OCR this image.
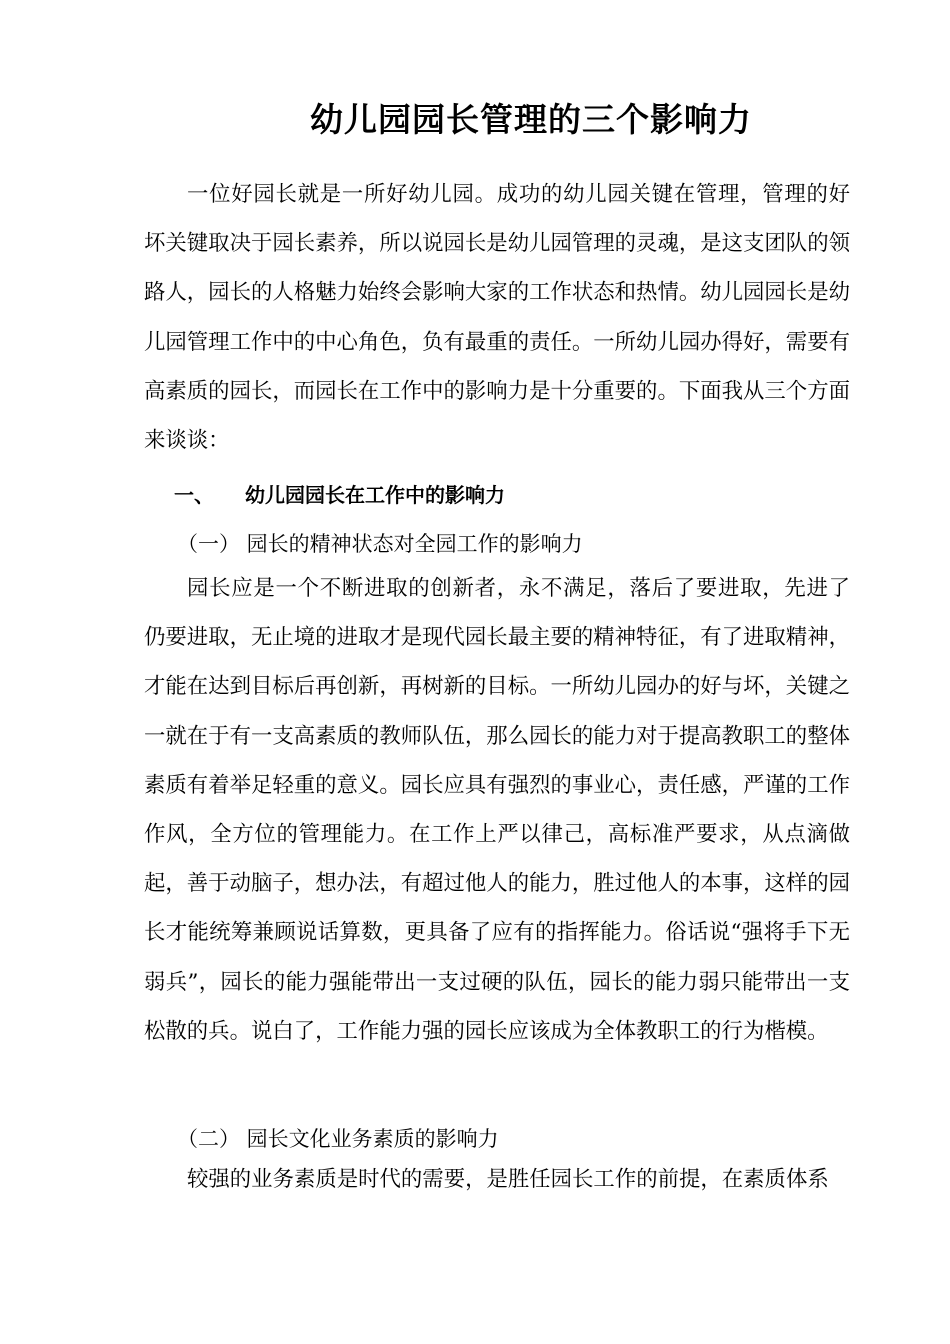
幼儿园园长管理的三个影响力
一位好园长就是一所好幼儿园。成功的幼儿园关键在管理，管理的好坏关键取决于园长素养，所以说园长是幼儿园管理的灵魂，是这支团队的领路人，园长的人格魅力始终会影响大家的工作状态和热情。幼儿园园长是幼儿园管理工作中的中心角色，负有最重的责任。一所幼儿园办得好，需要有高素质的园长，而园长在工作中的影响力是十分重要的。下面我从三个方面来谈谈：
一、 幼儿园园长在工作中的影响力
（一） 园长的精神状态对全园工作的影响力
园长应是一个不断进取的创新者，永不满足，落后了要进取，先进了仍要进取，无止境的进取才是现代园长最主要的精神特征，有了进取精神，才能在达到目标后再创新，再树新的目标。一所幼儿园办的好与坏，关键之一就在于有一支高素质的教师队伍，那么园长的能力对于提高教职工的整体素质有着举足轻重的意义。园长应具有强烈的事业心，责任感，严谨的工作作风，全方位的管理能力。在工作上严以律己，高标准严要求，从点滴做起，善于动脑子，想办法，有超过他人的能力，胜过他人的本事，这样的园长才能统筹兼顾说话算数，更具备了应有的指挥能力。俗话说“强将手下无弱兵”，园长的能力强能带出一支过硬的队伍，园长的能力弱只能带出一支松散的兵。说白了，工作能力强的园长应该成为全体教职工的行为楷模。
（二） 园长文化业务素质的影响力
较强的业务素质是时代的需要，是胜任园长工作的前提，在素质体系
